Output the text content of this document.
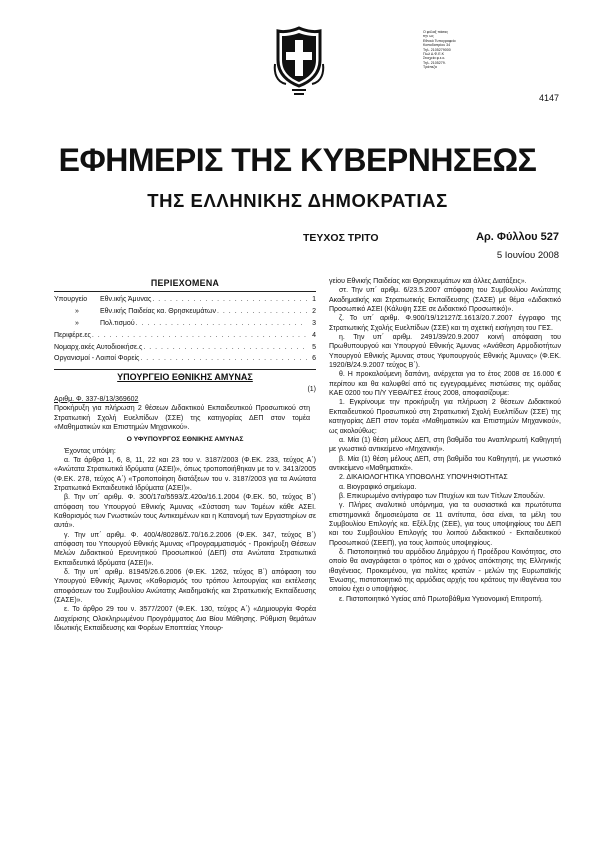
Ο φύλαξ πάσας
την ως
Εθνικό Τυπογραφείο
Καποδιστρίου 34
Τηλ. 2105279000
Πωλ Δ.Φ.Ε.Κ
Στοιχεία φ.ε.κ.
Τηλ. 2105279.
Τράπεζα
4147
ΕΦΗΜΕΡΙΣ ΤΗΣ ΚΥΒΕΡΝΗΣΕΩΣ
ΤΗΣ ΕΛΛΗΝΙΚΗΣ ΔΗΜΟΚΡΑΤΙΑΣ
ΤΕΥΧΟΣ ΤΡΙΤΟ	Αρ. Φύλλου 527
5 Ιουνίου 2008
ΠΕΡΙΕΧΟΜΕΝΑ
Υπουργείο	Εθν.ικής Άμυνας . . .	1
»	Εθν.ικής Παιδείας κα. Θρησκευμάτων . . .	2
»	Πολ.τισμού . . .	3
Περιφέρε.ες . . .	4
Νομαρχ.ακές Αυτοδιοικήσε.ς . . .	5
Οργανισμοί - Λοιποί Φορείς . . .	6
ΥΠΟΥΡΓΕΙΟ ΕΘΝΙΚΗΣ ΑΜΥΝΑΣ
(1)

Αριθμ. Φ. 337-8/13/369602

Προκήρυξη για πλήρωση 2 θέσεων Διδακτικού Εκπαιδευτικού Προσωπικού στη Στρατιωτική Σχολή Ευελπίδων (ΣΣΕ) της κατηγορίας ΔΕΠ στον τομέα «Μαθηματικών και Επιστημών Μηχανικού».

Ο ΥΦΥΠΟΥΡΓΟΣ ΕΘΝΙΚΗΣ ΑΜΥΝΑΣ

Έχοντας υπόψη:

α. Τα άρθρα 1, 6, 8, 11, 22 και 23 του ν. 3187/2003 (Φ.ΕΚ. 233, τεύχος Α΄) «Ανώτατα Στρατιωτικά Ιδρύματα (ΑΣΕΙ)», όπως τροποποιήθηκαν με το ν. 3413/2005 (Φ.ΕΚ. 278, τεύχος Α΄) «Τροποποίηση διατάξεων του ν. 3187/2003 για τα Ανώτατα Στρατιωτικά Εκπαιδευτικά Ιδρύματα (ΑΣΕΙ)».

β. Την υπ΄ αριθμ. Φ. 300/17α/5593/Σ.420α/16.1.2004 (Φ.ΕΚ. 50, τεύχος Β΄) απόφαση του Υπουργού Εθνικής Άμυνας «Σύσταση των Τομέων κάθε ΑΣΕΙ. Καθορισμός των Γνωστικών τους Αντικειμένων και η Κατανομή των Εργαστηρίων σε αυτά».

γ. Την υπ΄ αριθμ. Φ. 400/4/80286/Σ.70/16.2.2006 (Φ.ΕΚ. 347, τεύχος Β΄) απόφαση του Υπουργού Εθνικής Άμυνας «Προγραμματισμός - Προκήρυξη Θέσεων Μελών Διδακτικού Ερευνητικού Προσωπικού (ΔΕΠ) στα Ανώτατα Στρατιωτικά Εκπαιδευτικά Ιδρύματα (ΑΣΕΙ)».

δ. Την υπ΄ αριθμ. 81945/26.6.2006 (Φ.ΕΚ. 1262, τεύχος Β΄) απόφαση του Υπουργού Εθνικής Άμυνας «Καθορισμός του τρόπου λειτουργίας και εκτέλεσης αποφάσεων του Συμβουλίου Ανώτατης Ακαδημαϊκής και Στρατιωτικής Εκπαίδευσης (ΣΑΣΕ)».

ε. Το άρθρο 29 του ν. 3577/2007 (Φ.ΕΚ. 130, τεύχος Α΄) «Δημιουργία Φορέα Διαχείρισης Ολοκληρωμένου Προγράμματος Δια Βίου Μάθησης. Ρύθμιση θεμάτων Ιδιωτικής Εκπαίδευσης και Φορέων Εποπτείας Υπουρ-

γείου Εθνικής Παιδείας και Θρησκευμάτων και άλλες Διατάξεις».

στ. Την υπ΄ αριθμ. 6/23.5.2007 απόφαση του Συμβουλίου Ανώτατης Ακαδημαϊκής και Στρατιωτικής Εκπαίδευσης (ΣΑΣΕ) με θέμα «Διδακτικό Προσωπικό ΑΣΕΙ (Κάλυψη ΣΣΕ σε Διδακτικό Προσωπικό)».

ζ. Το υπ΄ αριθμ. Φ.900/19/12127/Σ.1613/20.7.2007 έγγραφο της Στρατιωτικής Σχολής Ευελπίδων (ΣΣΕ) και τη σχετική εισήγηση του ΓΕΣ.

η. Την υπ΄ αριθμ. 2491/39/20.9.2007 κοινή απόφαση του Πρωθυπουργού και Υπουργού Εθνικής Άμυνας «Ανάθεση Αρμοδιοτήτων Υπουργού Εθνικής Άμυνας στους Υφυπουργούς Εθνικής Άμυνας» (Φ.ΕΚ. 1920/Β/24.9.2007 τεύχος Β΄).

θ. Η προκαλούμενη δαπάνη, ανέρχεται για το έτος 2008 σε 16.000 € περίπου και θα καλυφθεί από τις εγγεγραμμένες πιστώσεις της ομάδας ΚΑΕ 0200 του Π/Υ ΥΕΘΑ/ΓΕΣ έτους 2008, αποφασίζουμε:

1. Εγκρίνουμε την προκήρυξη για πλήρωση 2 θέσεων Διδακτικού Εκπαιδευτικού Προσωπικού στη Στρατιωτική Σχολή Ευελπίδων (ΣΣΕ) της κατηγορίας ΔΕΠ στον τομέα «Μαθηματικών και Επιστημών Μηχανικού», ως ακολούθως:

α. Μία (1) θέση μέλους ΔΕΠ, στη βαθμίδα του Αναπληρωτή Καθηγητή με γνωστικό αντικείμενο «Μηχανική».

β. Μία (1) θέση μέλους ΔΕΠ, στη βαθμίδα του Καθηγητή, με γνωστικό αντικείμενο «Μαθηματικά».

2. ΔΙΚΑΙΟΛΟΓΗΤΙΚΑ ΥΠΟΒΟΛΗΣ ΥΠΟΨΗΦΙΟΤΗΤΑΣ

α. Βιογραφικό σημείωμα.

β. Επικυρωμένο αντίγραφο των Πτυχίων και των Τίτλων Σπουδών.

γ. Πλήρες αναλυτικό υπόμνημα, για τα ουσιαστικά και πρωτότυπα επιστημονικά δημοσιεύματα σε 11 αντίτυπα, όσα είναι, τα μέλη του Συμβουλίου Επιλογής κα. Εξέλ.ξης (ΣΕΕ), για τους υποψηφίους του ΔΕΠ και του Συμβουλίου Επιλογής του λοιπού Διδακτικού - Εκπαιδευτικού Προσωπικού (ΣΕΕΠ), για τους λοιπούς υποψηφίους.

δ. Πιστοποιητικό του αρμόδιου Δημάρχου ή Προέδρου Κοινότητας, στο οποίο θα αναγράφεται ο τρόπος και ο χρόνος απόκτησης της Ελληνικής ιθαγένειας. Προκειμένου, για πολίτες κρατών - μελών της Ευρωπαϊκής Ένωσης, πιστοποιητικό της αρμόδιας αρχής του κράτους την ιθαγένεια του οποίου έχει ο υποψήφιος.

ε. Πιστοποιητικό Υγείας από Πρωτοβάθμια Υγειονομική Επιτροπή.
